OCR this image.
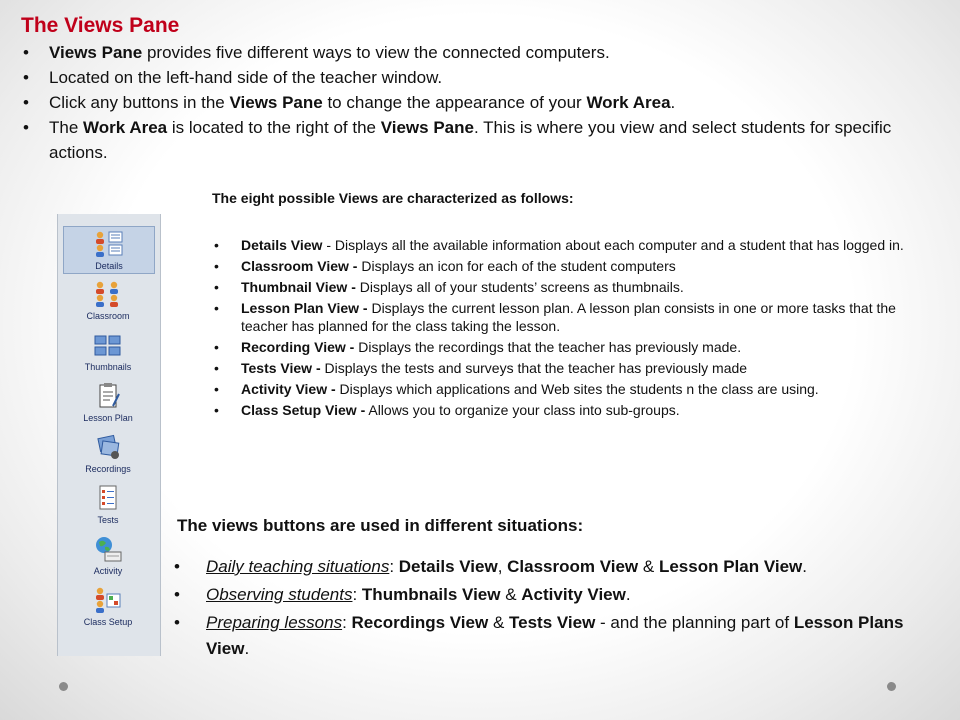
The Views Pane
• Views Pane provides five different ways to view the connected computers.
• Located on the left-hand side of the teacher window.
• Click any buttons in the Views Pane to change the appearance of your Work Area.
• The Work Area is located to the right of the Views Pane. This is where you view and select students for specific actions.
Details
Classroom
Thumbnails
Lesson Plan
Recordings
Tests
Activity
Class Setup

The eight possible Views are characterized as follows:

• Details View - Displays all the available information about each computer and a student that has logged in.
• Classroom View - Displays an icon for each of the student computers
• Thumbnail View - Displays all of your students’ screens as thumbnails.
• Lesson Plan View - Displays the current lesson plan. A lesson plan consists in one or more tasks that the teacher has planned for the class taking the lesson.
• Recording View - Displays the recordings that the teacher has previously made.
• Tests View - Displays the tests and surveys that the teacher has previously made
• Activity View - Displays which applications and Web sites the students n the class are using.
• Class Setup View - Allows you to organize your class into sub-groups.

The views buttons are used in different situations:

• Daily teaching situations: Details View, Classroom View & Lesson Plan View.
• Observing students: Thumbnails View & Activity View.
• Preparing lessons: Recordings View & Tests View - and the planning part of Lesson Plans View.
